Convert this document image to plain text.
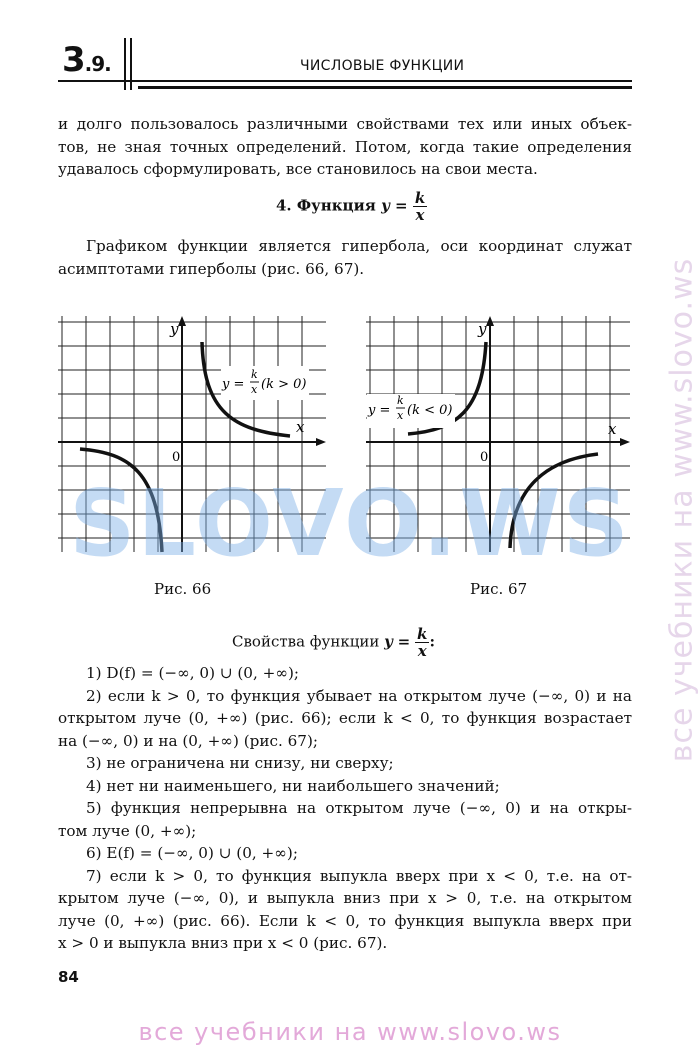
3.9.	ЧИСЛОВЫЕ ФУНКЦИИ

и долго пользовалось различными свойствами тех или иных объек-
тов, не зная точных определений. Потом, когда такие определения
удавалось сформулировать, все становилось на свои места.

4. Функция $y = \frac{k}{x}$

Графиком функции является гипербола, оси координат служат
асимптотами гиперболы (рис. 66, 67).

y
x
0
y =
k
x (k > 0)
y
x
0
y =
k
x (k < 0)
Рис. 66	Рис. 67
Свойства функции $y = \frac{k}{x}$ :
1) D(f) = (−∞, 0) ∪ (0, +∞);
2) если k > 0, то функция убывает на открытом луче (−∞, 0) и на
открытом луче (0, +∞) (рис. 66); если k < 0, то функция возрастает
на (−∞, 0) и на (0, +∞) (рис. 67);
3) не ограничена ни снизу, ни сверху;
4) нет ни наименьшего, ни наибольшего значений;
5) функция непрерывна на открытом луче (−∞, 0) и на откры-
том луче (0, +∞);
6) E(f) = (−∞, 0) ∪ (0, +∞);
7) если k > 0, то функция выпукла вверх при x < 0, т.е. на от-
крытом луче (−∞, 0), и выпукла вниз при x > 0, т.е. на открытом
луче (0, +∞) (рис. 66). Если k < 0, то функция выпукла вверх при
x > 0 и выпукла вниз при x < 0 (рис. 67).
84
SLOVO.WS	все учебники на www.slovo.ws
все учебники на www.slovo.ws
